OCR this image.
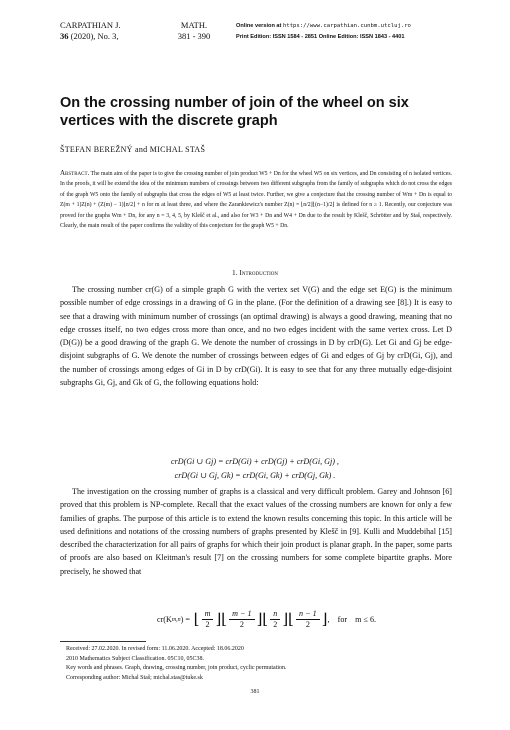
CARPATHIAN J.
36 (2020), No. 3,
MATH.
381 - 390
Online version at https://www.carpathian.cunbm.utcluj.ro
Print Edition: ISSN 1584 - 2851 Online Edition: ISSN 1843 - 4401
On the crossing number of join of the wheel on six vertices with the discrete graph
ŠTEFAN BEREŽNÝ and MICHAL STAŠ
Abstract. The main aim of the paper is to give the crossing number of join product W5 + Dn for the wheel W5 on six vertices, and Dn consisting of n isolated vertices. In the proofs, it will be extend the idea of the minimum numbers of crossings between two different subgraphs from the family of subgraphs which do not cross the edges of the graph W5 onto the family of subgraphs that cross the edges of W5 at least twice. Further, we give a conjecture that the crossing number of Wm + Dn is equal to Z(m + 1)Z(n) + (Z(m) − 1)⌊n/2⌋ + n for m at least three, and where the Zarankiewicz's number Z(n) = ⌊n/2⌋⌊(n−1)/2⌋ is defined for n ≥ 1. Recently, our conjecture was proved for the graphs Wm + Dn, for any n = 3, 4, 5, by Klešč et al., and also for W3 + Dn and W4 + Dn due to the result by Klešč, Schrötter and by Staš, respectively. Clearly, the main result of the paper confirms the validity of this conjecture for the graph W5 + Dn.
1. Introduction

The crossing number cr(G) of a simple graph G with the vertex set V(G) and the edge set E(G) is the minimum possible number of edge crossings in a drawing of G in the plane. (For the definition of a drawing see [8].) It is easy to see that a drawing with minimum number of crossings (an optimal drawing) is always a good drawing, meaning that no edge crosses itself, no two edges cross more than once, and no two edges incident with the same vertex cross. Let D (D(G)) be a good drawing of the graph G. We denote the number of crossings in D by crD(G). Let Gi and Gj be edge-disjoint subgraphs of G. We denote the number of crossings between edges of Gi and edges of Gj by crD(Gi, Gj), and the number of crossings among edges of Gi in D by crD(Gi). It is easy to see that for any three mutually edge-disjoint subgraphs Gi, Gj, and Gk of G, the following equations hold:

crD(Gi ∪ Gj) = crD(Gi) + crD(Gj) + crD(Gi, Gj) ,
crD(Gi ∪ Gj, Gk) = crD(Gi, Gk) + crD(Gj, Gk) .

The investigation on the crossing number of graphs is a classical and very difficult problem. Garey and Johnson [6] proved that this problem is NP-complete. Recall that the exact values of the crossing numbers are known for only a few families of graphs. The purpose of this article is to extend the known results concerning this topic. In this article will be used definitions and notations of the crossing numbers of graphs presented by Klešč in [9]. Kulli and Muddebihal [15] described the characterization for all pairs of graphs for which their join product is planar graph. In the paper, some parts of proofs are also based on Kleitman's result [7] on the crossing numbers for some complete bipartite graphs. More precisely, he showed that

cr(K m,n ) = ⌊ $\frac{m}{2}$ ⌋⌊ $\frac{m - 1}{2}$ ⌋⌊ $\frac{n}{2}$ ⌋⌊ $\frac{n - 1}{2}$ ⌋ ,    for    m ≤ 6.

Received: 27.02.2020. In revised form: 11.06.2020. Accepted: 18.06.2020

2010 Mathematics Subject Classification. 05C10, 05C38.

Key words and phrases. Graph, drawing, crossing number, join product, cyclic permutation.

Corresponding author: Michal Staš; michal.stas@tuke.sk

381
